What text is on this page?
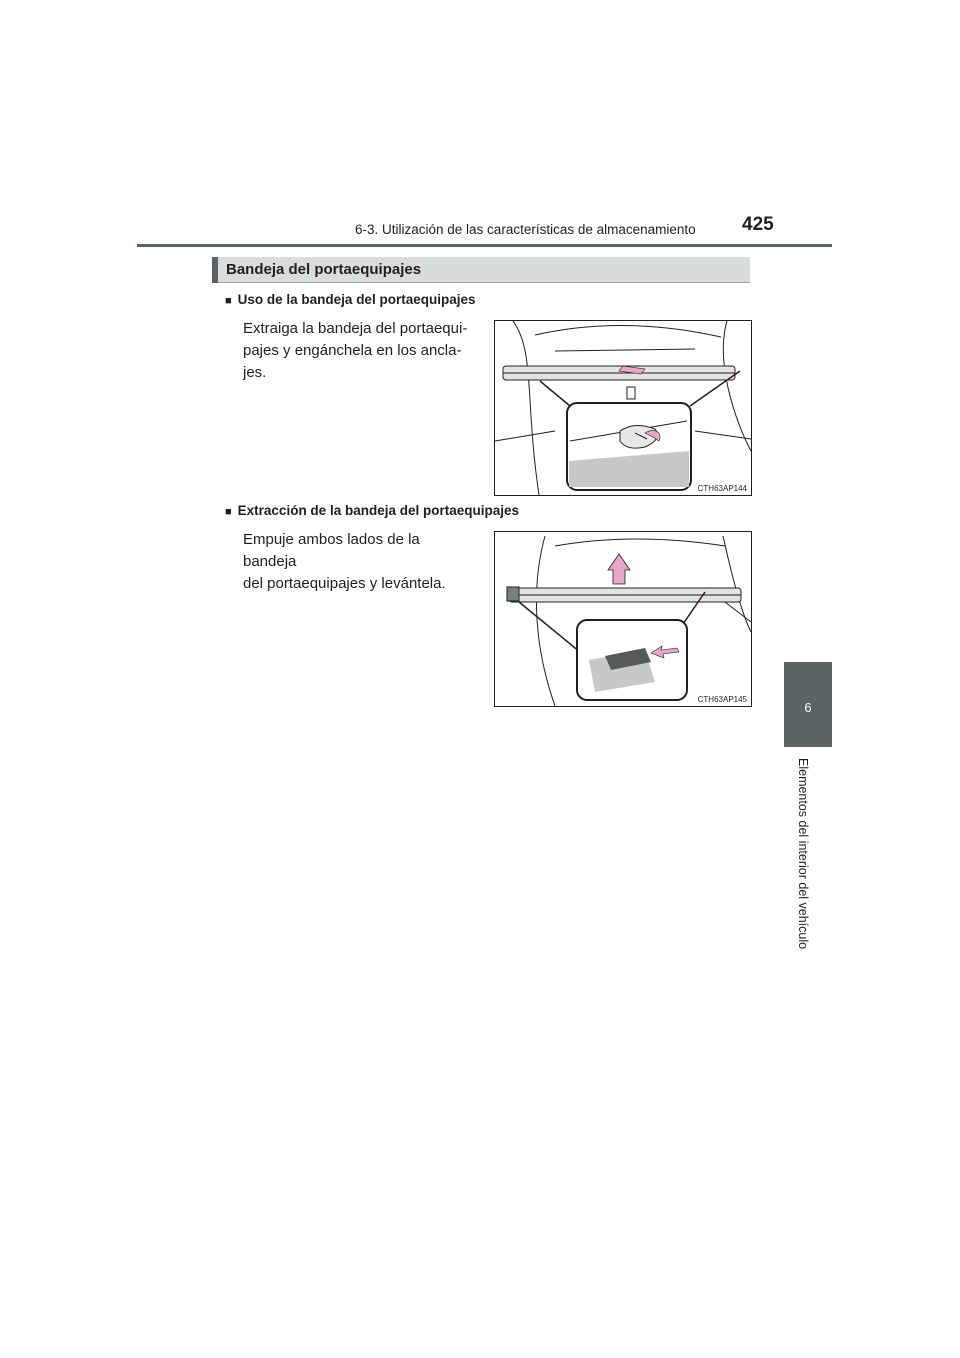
6-3. Utilización de las características de almacenamiento 425
6
Elementos del interior del vehículo
Bandeja del portaequipajes
■ Uso de la bandeja del portaequipajes
Extraiga la bandeja del portaequi-
pajes y engánchela en los ancla-
jes.
CTH63AP144
■ Extracción de la bandeja del portaequipajes
Empuje ambos lados de la bandeja
del portaequipajes y levántela.
CTH63AP145
